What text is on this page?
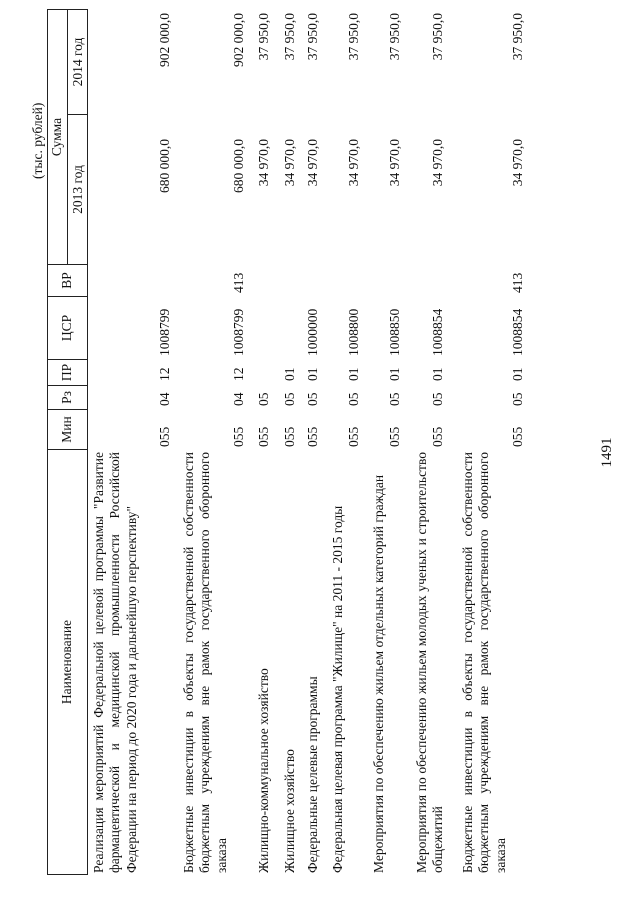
1491
(тыс. рублей)
Наименование
Мин
Рз
ПР
ЦСР
ВР
Сумма
2013 год
2014 год
Реализация мероприятий Федеральной целевой программы "Развитие фармацевтической и медицинской промышленности Российской Федерации на период до 2020 года и дальнейшую перспективу"
055
04
12
1008799
680 000,0
902 000,0
Бюджетные инвестиции в объекты государственной собственности бюджетным учреждениям вне рамок государственного оборонного заказа
055
04
12
1008799
413
680 000,0
902 000,0
Жилищно-коммунальное хозяйство
055
05
34 970,0
37 950,0
Жилищное хозяйство
055
05
01
34 970,0
37 950,0
Федеральные целевые программы
055
05
01
1000000
34 970,0
37 950,0
Федеральная целевая программа "Жилище" на 2011 - 2015 годы
055
05
01
1008800
34 970,0
37 950,0
Мероприятия по обеспечению жильем отдельных категорий граждан
055
05
01
1008850
34 970,0
37 950,0
Мероприятия по обеспечению жильем молодых ученых и строительство общежитий
055
05
01
1008854
34 970,0
37 950,0
Бюджетные инвестиции в объекты государственной собственности бюджетным учреждениям вне рамок государственного оборонного заказа
055
05
01
1008854
413
34 970,0
37 950,0
